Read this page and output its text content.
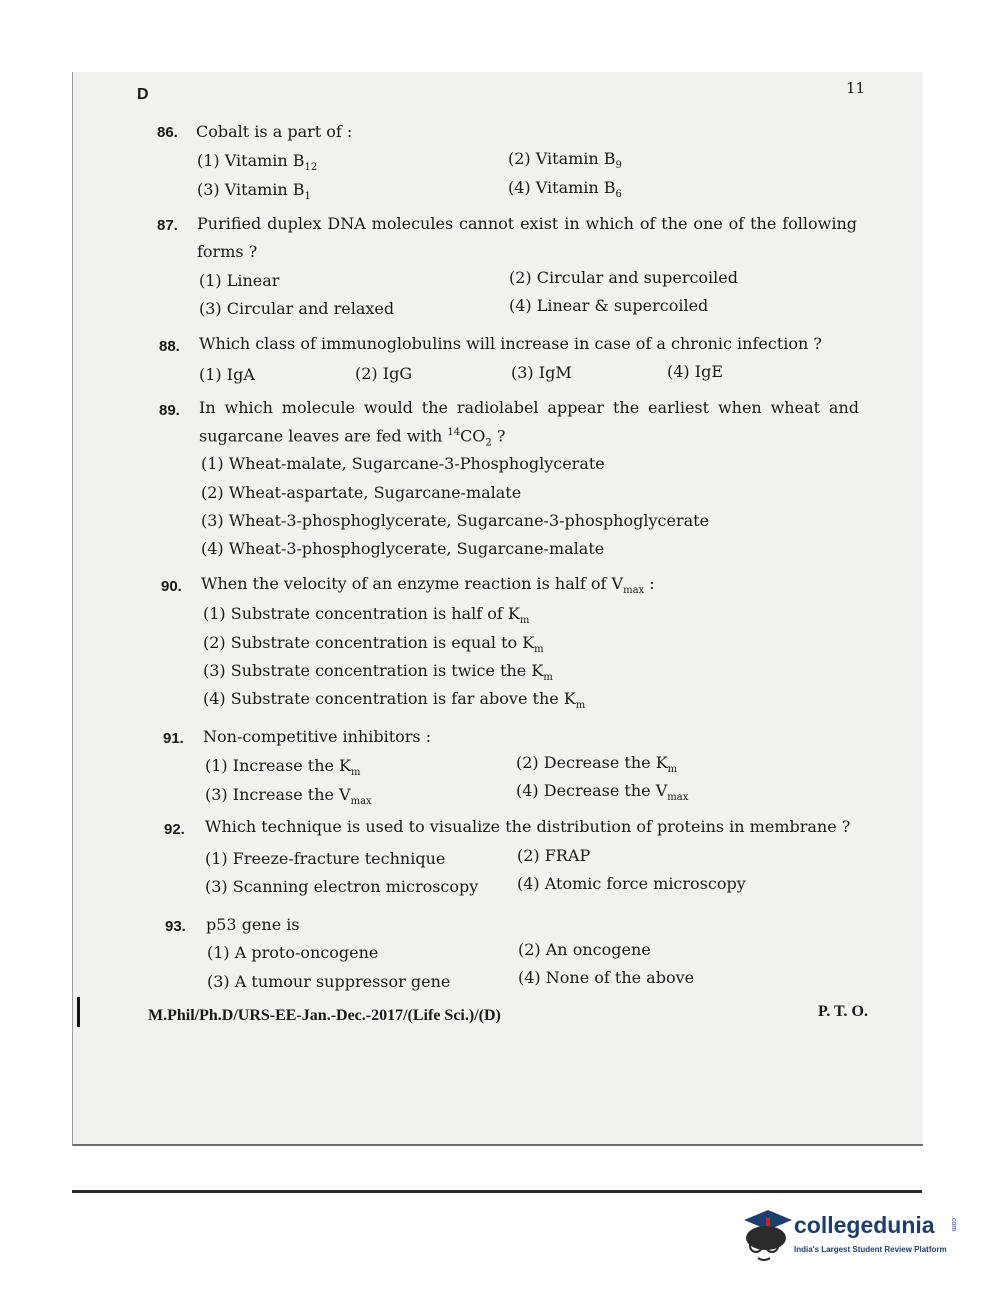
D	11
86. Cobalt is a part of :
(1) Vitamin $B_{12}$	(2) Vitamin $B_9$
(3) Vitamin $B_1$	(4) Vitamin $B_6$
87. Purified duplex DNA molecules cannot exist in which of the one of the following
forms ?
(1) Linear	(2) Circular and supercoiled
(3) Circular and relaxed	(4) Linear & supercoiled
88. Which class of immunoglobulins will increase in case of a chronic infection ?
(1) IgA	(2) IgG	(3) IgM	(4) IgE
89. In which molecule would the radiolabel appear the earliest when wheat and
sugarcane leaves are fed with $^{14}CO_2$ ?
(1) Wheat-malate, Sugarcane-3-Phosphoglycerate
(2) Wheat-aspartate, Sugarcane-malate
(3) Wheat-3-phosphoglycerate, Sugarcane-3-phosphoglycerate
(4) Wheat-3-phosphoglycerate, Sugarcane-malate
90. When the velocity of an enzyme reaction is half of $V_{max}$ :
(1) Substrate concentration is half of $K_m$
(2) Substrate concentration is equal to $K_m$
(3) Substrate concentration is twice the $K_m$
(4) Substrate concentration is far above the $K_m$
91. Non-competitive inhibitors :
(1) Increase the $K_m$
(2) Decrease the $K_m$
(3) Increase the $V_{max}$
(4) Decrease the $V_{max}$
92. Which technique is used to visualize the distribution of proteins in membrane ?
(1) Freeze-fracture technique	(2) FRAP
(3) Scanning electron microscopy (4) Atomic force microscopy
93. p53 gene is
(1) A proto-oncogene	(2) An oncogene
(3) A tumour suppressor gene	(4) None of the above
M.Phil/Ph.D/URS-EE-Jan.-Dec.-2017/(Life Sci.)/(D)	P. T. O.
collegedunia .com
India's Largest Student Review Platform
